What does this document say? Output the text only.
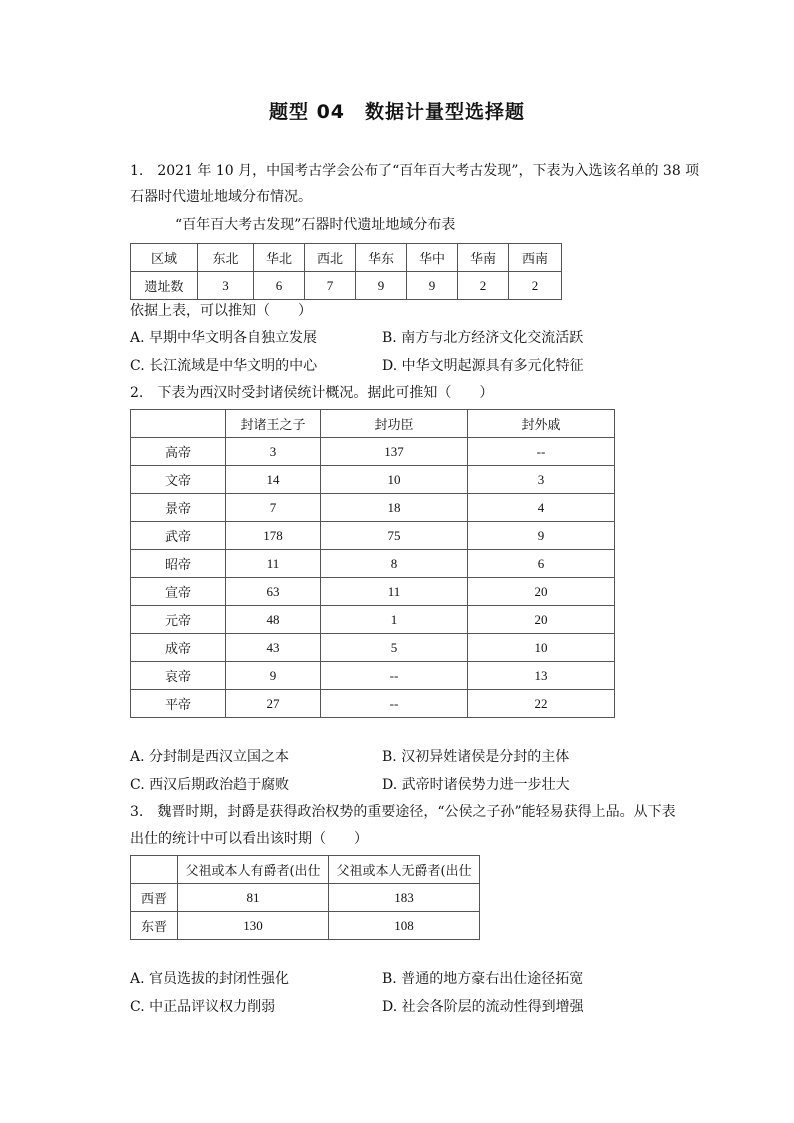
题型 04　数据计量型选择题
1.　2021 年 10 月，中国考古学会公布了“百年百大考古发现”，下表为入选该名单的 38 项
石器时代遗址地域分布情况。
“百年百大考古发现”石器时代遗址地域分布表
区域	东北	华北	西北	华东	华中	华南	西南
遗址数	3	6	7	9	9	2	2
依据上表，可以推知（　　）
A. 早期中华文明各自独立发展	B. 南方与北方经济文化交流活跃
C. 长江流域是中华文明的中心	D. 中华文明起源具有多元化特征
2.　下表为西汉时受封诸侯统计概况。据此可推知（　　）
	封诸王之子	封功臣	封外戚
高帝	3	137	--
文帝	14	10	3
景帝	7	18	4
武帝	178	75	9
昭帝	11	8	6
宣帝	63	11	20
元帝	48	1	20
成帝	43	5	10
哀帝	9	--	13
平帝	27	--	22
A. 分封制是西汉立国之本	B. 汉初异姓诸侯是分封的主体
C. 西汉后期政治趋于腐败	D. 武帝时诸侯势力进一步壮大
3.　魏晋时期，封爵是获得政治权势的重要途径，“公侯之子孙”能轻易获得上品。从下表
出仕的统计中可以看出该时期（　　）
	父祖或本人有爵者(出仕	父祖或本人无爵者(出仕
西晋	81	183
东晋	130	108
A. 官员选拔的封闭性强化	B. 普通的地方豪右出仕途径拓宽
C. 中正品评议权力削弱	D. 社会各阶层的流动性得到增强
